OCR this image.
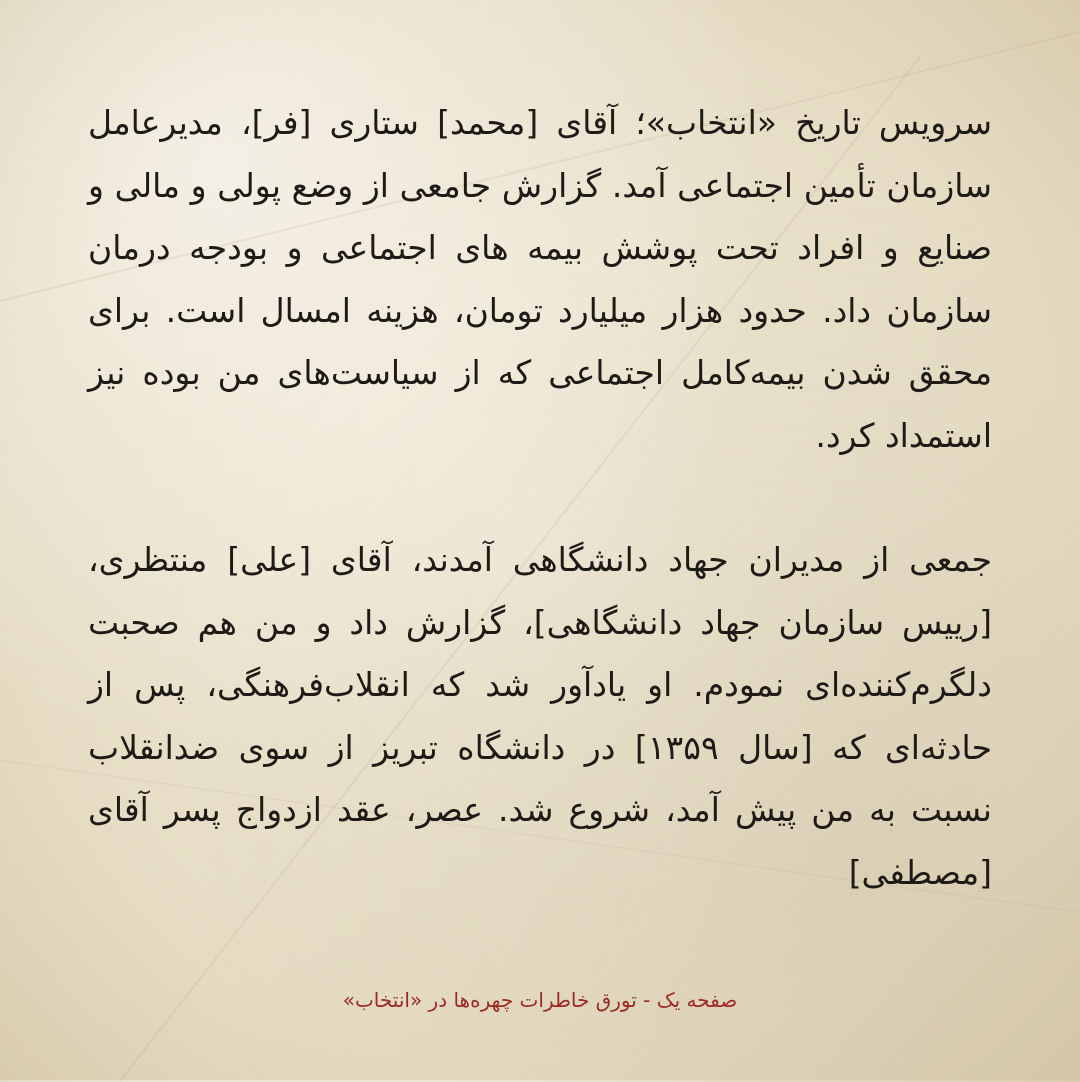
سرویس تاریخ «انتخاب»؛ آقای [محمد] ستاری [فر]، مدیرعامل سازمان تأمین اجتماعی آمد. گزارش جامعی از وضع پولی و مالی و صنایع و افراد تحت پوشش بیمه های اجتماعی و بودجه درمان سازمان داد. حدود هزار میلیارد تومان، هزینه امسال است. برای محقق شدن بیمه‌کامل اجتماعی که از سیاست‌های من بوده نیز استمداد کرد.

جمعی از مدیران جهاد دانشگاهی آمدند، آقای [علی] منتظری، [رییس سازمان جهاد دانشگاهی]، گزارش داد و من هم صحبت دلگرم‌کننده‌ای نمودم. او یادآور شد که انقلاب‌فرهنگی، پس از حادثه‌ای که [سال ۱۳۵۹] در دانشگاه تبریز از سوی ضدانقلاب نسبت به من پیش آمد، شروع شد. عصر، عقد ازدواج پسر آقای [مصطفی]

صفحه یک - تورق خاطرات چهره‌ها در «انتخاب»
